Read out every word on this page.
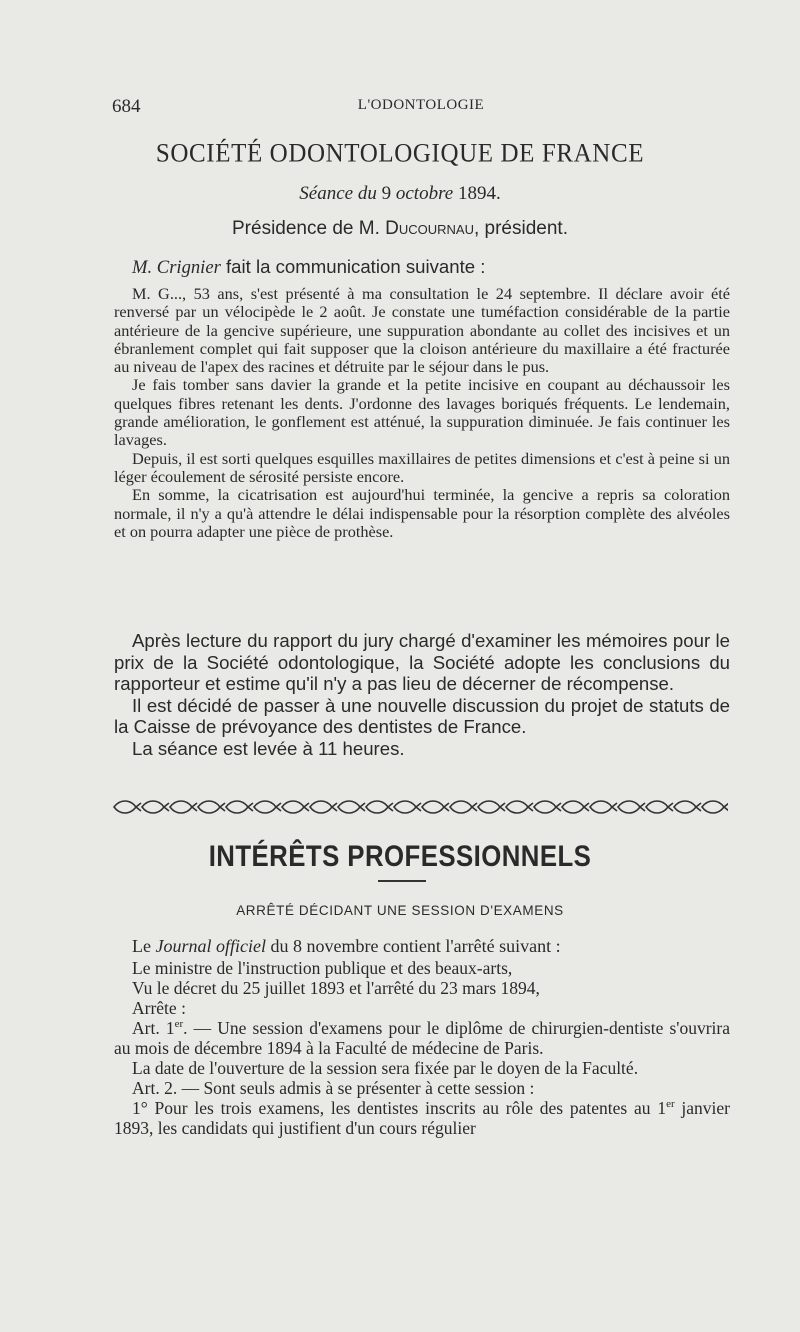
684	L'ODONTOLOGIE
SOCIÉTÉ ODONTOLOGIQUE DE FRANCE
Séance du 9 octobre 1894.
Présidence de M. Ducournau, président.

M. Crignier fait la communication suivante :

M. G..., 53 ans, s'est présenté à ma consultation le 24 septembre. Il déclare avoir été renversé par un vélocipède le 2 août. Je constate une tuméfaction considérable de la partie antérieure de la gencive supérieure, une suppuration abondante au collet des incisives et un ébranlement complet qui fait supposer que la cloison antérieure du maxillaire a été fracturée au niveau de l'apex des racines et détruite par le séjour dans le pus.

Je fais tomber sans davier la grande et la petite incisive en coupant au déchaussoir les quelques fibres retenant les dents. J'ordonne des lavages boriqués fréquents. Le lendemain, grande amélioration, le gonflement est atténué, la suppuration diminuée. Je fais continuer les lavages.

Depuis, il est sorti quelques esquilles maxillaires de petites dimensions et c'est à peine si un léger écoulement de sérosité persiste encore.

En somme, la cicatrisation est aujourd'hui terminée, la gencive a repris sa coloration normale, il n'y a qu'à attendre le délai indispensable pour la résorption complète des alvéoles et on pourra adapter une pièce de prothèse.

Après lecture du rapport du jury chargé d'examiner les mémoires pour le prix de la Société odontologique, la Société adopte les conclusions du rapporteur et estime qu'il n'y a pas lieu de décerner de récompense.

Il est décidé de passer à une nouvelle discussion du projet de statuts de la Caisse de prévoyance des dentistes de France.

La séance est levée à 11 heures.

INTÉRÊTS PROFESSIONNELS
ARRÊTÉ DÉCIDANT UNE SESSION D'EXAMENS

Le Journal officiel du 8 novembre contient l'arrêté suivant :

Le ministre de l'instruction publique et des beaux-arts,

Vu le décret du 25 juillet 1893 et l'arrêté du 23 mars 1894,

Arrête :

Art. 1er. — Une session d'examens pour le diplôme de chirurgien-dentiste s'ouvrira au mois de décembre 1894 à la Faculté de médecine de Paris.

La date de l'ouverture de la session sera fixée par le doyen de la Faculté.

Art. 2. — Sont seuls admis à se présenter à cette session :

1° Pour les trois examens, les dentistes inscrits au rôle des patentes au 1er janvier 1893, les candidats qui justifient d'un cours régulier
